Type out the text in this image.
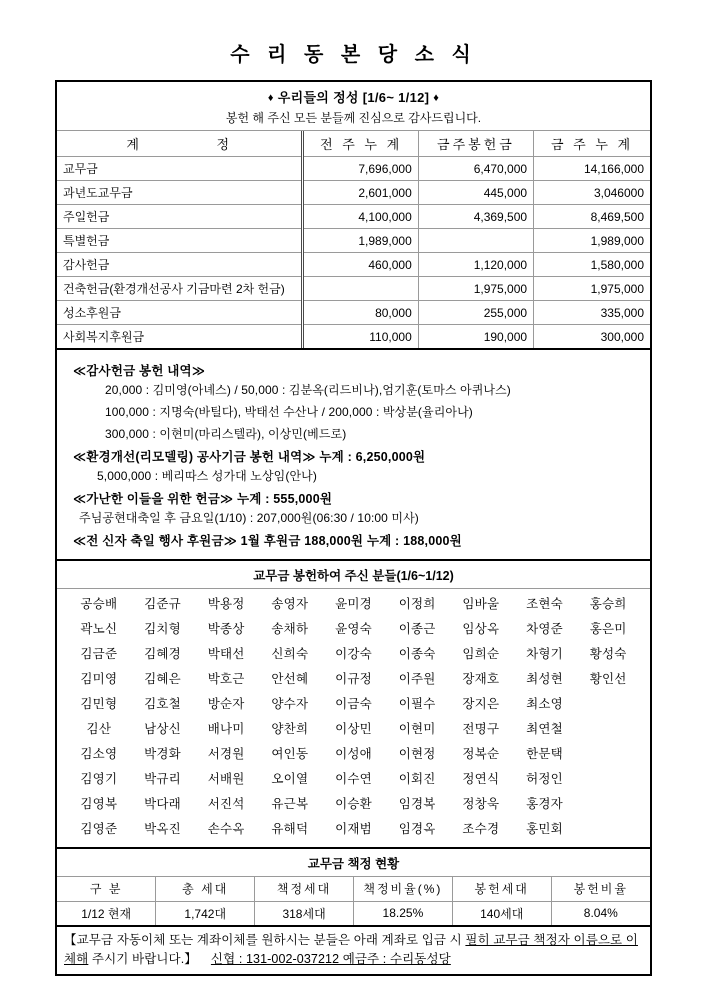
수 리 동 본 당 소 식
♦ 우리들의 정성 [1/6~ 1/12] ♦
봉헌 해 주신 모든 분들께 진심으로 감사드립니다.
계 정	전 주 누 계	금주봉헌금	금 주 누 계
교무금	7,696,000	6,470,000	14,166,000
과년도교무금	2,601,000	445,000	3,046000
주일헌금	4,100,000	4,369,500	8,469,500
특별헌금	1,989,000		1,989,000
감사헌금	460,000	1,120,000	1,580,000
건축헌금(환경개선공사 기금마련 2차 헌금)		1,975,000	1,975,000
성소후원금	80,000	255,000	335,000
사회복지후원금	110,000	190,000	300,000
≪감사헌금 봉헌 내역≫
20,000 : 김미영(아녜스) / 50,000 : 김분옥(리드비나),엄기훈(토마스 아퀴나스)
100,000 : 지명숙(바틸다), 박태선 수산나 / 200,000 : 박상분(율리아나)
300,000 : 이현미(마리스텔라), 이상민(베드로)
≪환경개선(리모델링) 공사기금 봉헌 내역≫ 누계 : 6,250,000원
5,000,000 : 베리따스 성가대 노상임(안나)
≪가난한 이들을 위한 헌금≫ 누계 : 555,000원
주님공현대축일 후 금요일(1/10) : 207,000원(06:30 / 10:00 미사)
≪전 신자 축일 행사 후원금≫ 1월 후원금 188,000원 누계 : 188,000원
교무금 봉헌하여 주신 분들(1/6~1/12)
공승배	김준규	박용정	송영자	윤미경	이정희	임바울	조현숙	홍승희
곽노신	김치형	박종상	송채하	윤영숙	이종근	임상옥	차영준	홍은미
김금준	김혜경	박태선	신희숙	이강숙	이종숙	임희순	차형기	황성숙
김미영	김혜은	박호근	안선혜	이규정	이주원	장재호	최성현	황인선
김민형	김호철	방순자	양수자	이금숙	이필수	장지은	최소영
김산	남상신	배나미	양찬희	이상민	이현미	전명구	최연철
김소영	박경화	서경원	여인동	이성애	이현정	정복순	한문택
김영기	박규리	서배원	오이열	이수연	이회진	정연식	허정인
김영복	박다래	서진석	유근복	이승환	임경복	정창욱	홍경자
김영준	박옥진	손수옥	유해덕	이재범	임경옥	조수경	홍민회
교무금 책정 현황
구 분	총 세대	책정세대	책정비율(%)	봉헌세대	봉헌비율
1/12 현재	1,742대	318세대	18.25%	140세대	8.04%
【교무금 자동이체 또는 계좌이체를 원하시는 분들은 아래 계좌로 입금 시 필히 교무금 책정자 이름으로 이체해 주시기 바랍니다.】 신협 : 131-002-037212 예금주 : 수리동성당
